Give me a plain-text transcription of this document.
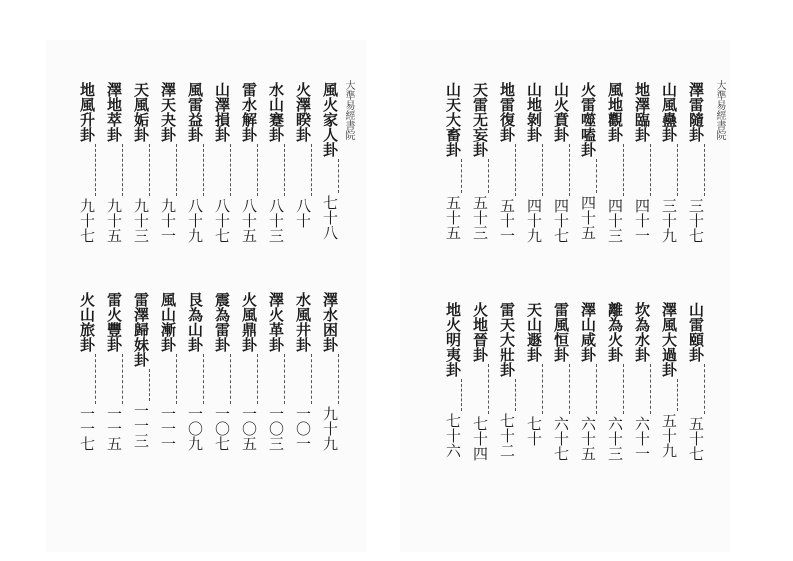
大準易經書院
風火家人卦
七十八
火澤睽卦
八十
水山蹇卦
八十三
雷水解卦
八十五
山澤損卦
八十七
風雷益卦
八十九
澤天夬卦
九十一
天風姤卦
九十三
澤地萃卦
九十五
地風升卦
九十七
澤水困卦
九十九
水風井卦
一〇一
澤火革卦
一〇三
火風鼎卦
一〇五
震為雷卦
一〇七
艮為山卦
一〇九
風山漸卦
一一一
雷澤歸妹卦
一一三
雷火豐卦
一一五
火山旅卦
一一七
大準易經書院
澤雷隨卦
三十七
山風蠱卦
三十九
地澤臨卦
四十一
風地觀卦
四十三
火雷噬嗑卦
四十五
山火賁卦
四十七
山地剝卦
四十九
地雷復卦
五十一
天雷无妄卦
五十三
山天大畜卦
五十五
山雷頤卦
五十七
澤風大過卦
五十九
坎為水卦
六十一
離為火卦
六十三
澤山咸卦
六十五
雷風恒卦
六十七
天山遯卦
七十
雷天大壯卦
七十二
火地晉卦
七十四
地火明夷卦
七十六
